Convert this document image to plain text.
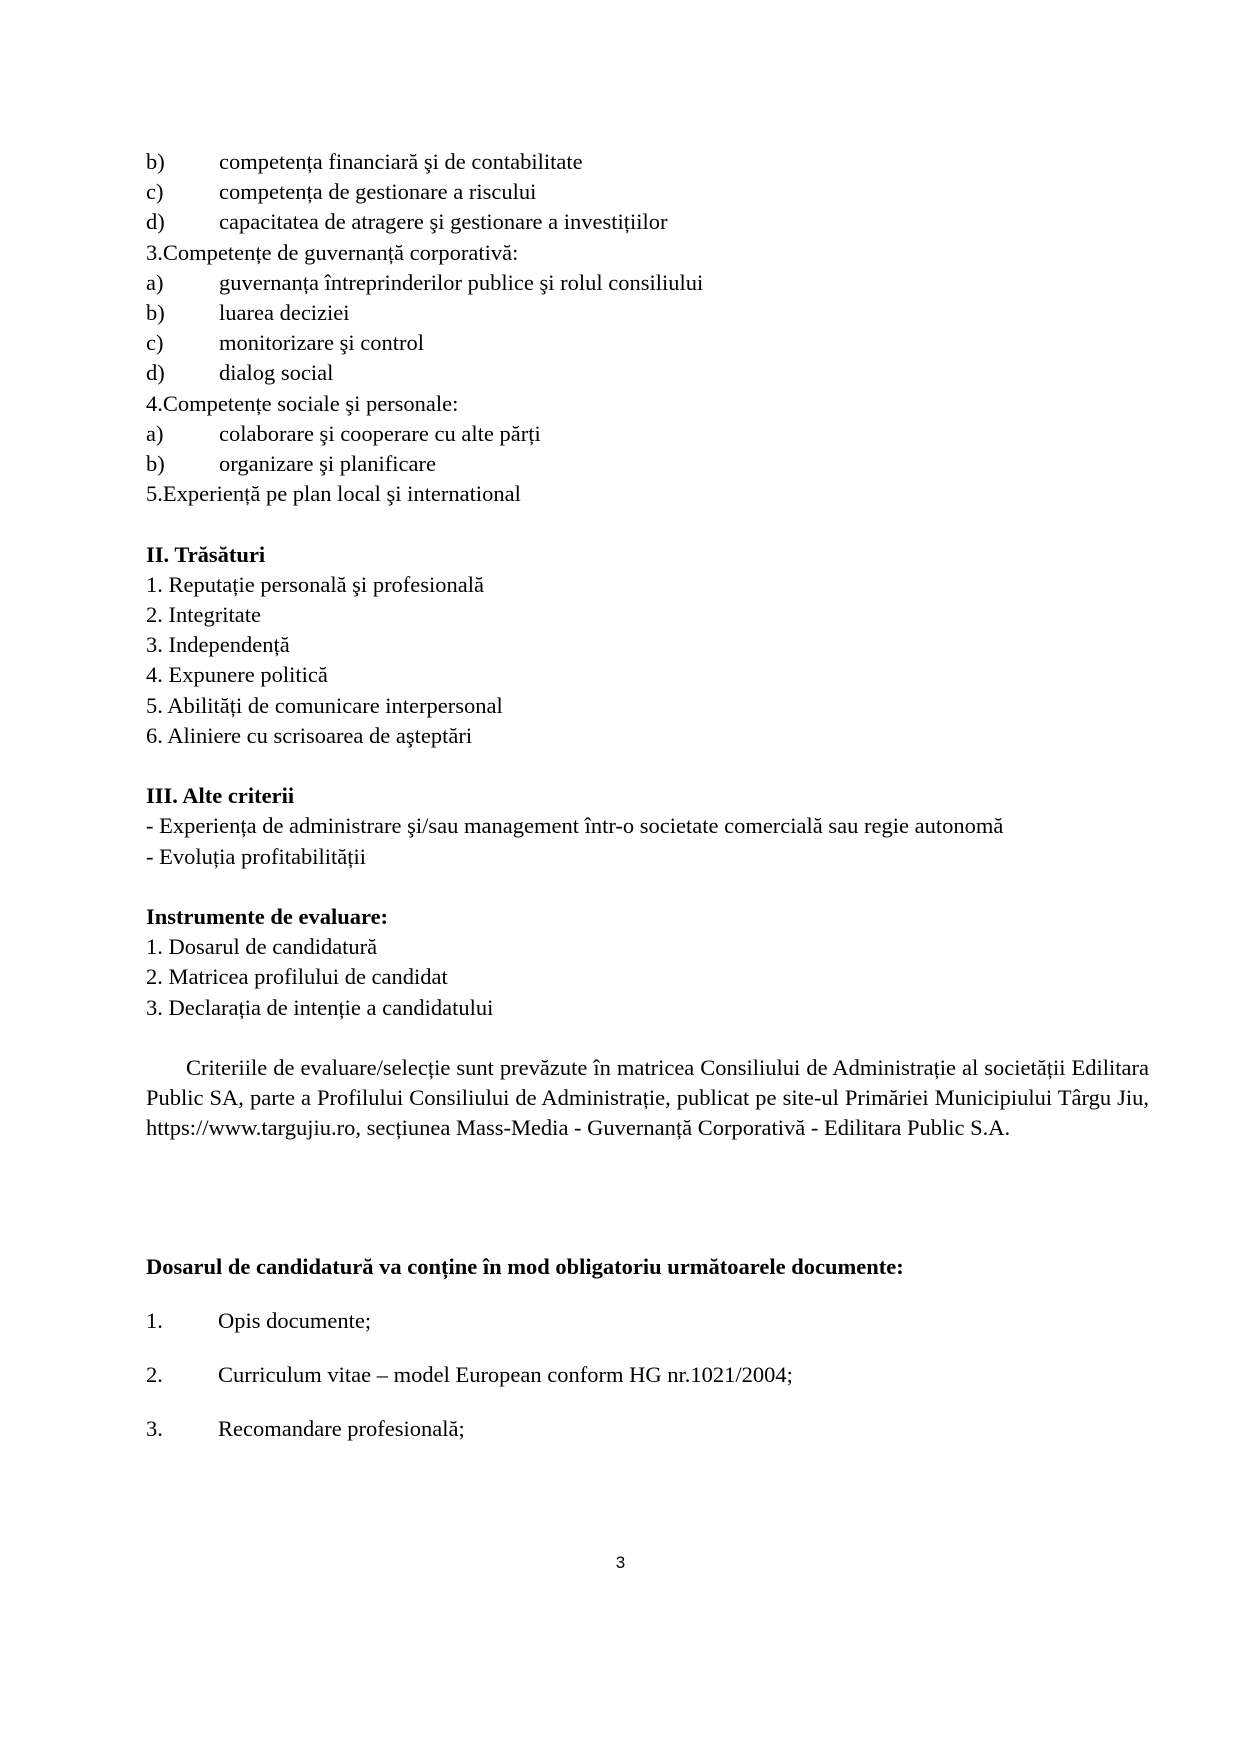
b)	competența financiară şi de contabilitate
c)	competența de gestionare a riscului
d)	capacitatea de atragere şi gestionare a investițiilor
3.Competențe de guvernanță corporativă:
a)	guvernanța întreprinderilor publice şi rolul consiliului
b)	luarea deciziei
c)	monitorizare şi control
d)	dialog social
4.Competențe sociale şi personale:
a)	colaborare şi cooperare cu alte părți
b)	organizare şi planificare
5.Experiență pe plan local şi international
II. Trăsături
1. Reputație personală şi profesională
2. Integritate
3. Independență
4. Expunere politică
5. Abilități de comunicare interpersonal
6. Aliniere cu scrisoarea de aşteptări
III. Alte criterii
- Experiența de administrare şi/sau management într-o societate comercială sau regie autonomă
- Evoluția profitabilității
Instrumente de evaluare:
1. Dosarul de candidatură
2. Matricea profilului de candidat
3. Declarația de intenție a candidatului
Criteriile de evaluare/selecție sunt prevăzute în matricea Consiliului de Administrație al societății Edilitara Public SA, parte a Profilului Consiliului de Administrație, publicat pe site-ul Primăriei Municipiului Târgu Jiu, https://www.targujiu.ro, secțiunea Mass-Media - Guvernanță Corporativă - Edilitara Public S.A.
Dosarul de candidatură va conține în mod obligatoriu următoarele documente:
1.	Opis documente;
2.	Curriculum vitae – model European conform HG nr.1021/2004;
3.	Recomandare profesională;
3
